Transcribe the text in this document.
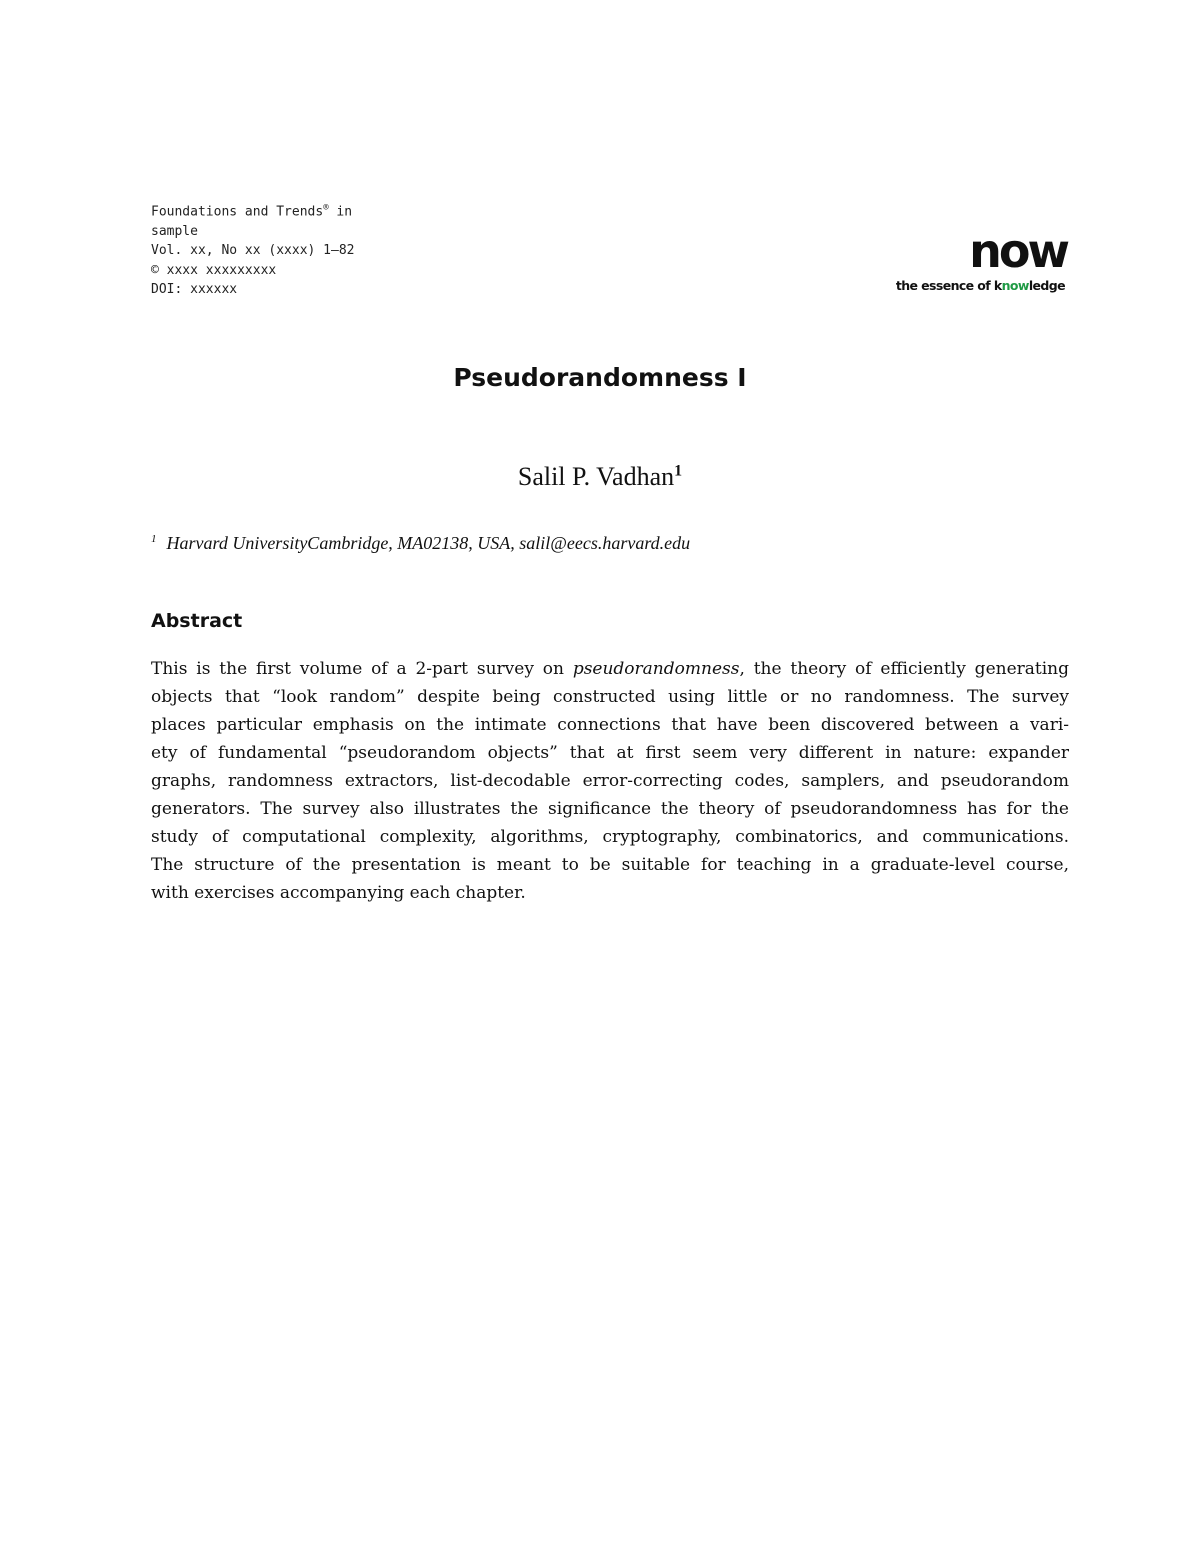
Foundations and Trends® in
sample
Vol. xx, No xx (xxxx) 1–82
© xxxx xxxxxxxxx
DOI: xxxxxx
now
the essence of knowledge
Pseudorandomness I
Salil P. Vadhan$^1$
$^1$ Harvard UniversityCambridge, MA02138, USA, salil@eecs.harvard.edu
Abstract
This is the first volume of a 2-part survey on pseudorandomness, the theory of efficiently generating
objects that “look random” despite being constructed using little or no randomness. The survey
places particular emphasis on the intimate connections that have been discovered between a vari-
ety of fundamental “pseudorandom objects” that at first seem very different in nature: expander
graphs, randomness extractors, list-decodable error-correcting codes, samplers, and pseudorandom
generators. The survey also illustrates the significance the theory of pseudorandomness has for the
study of computational complexity, algorithms, cryptography, combinatorics, and communications.
The structure of the presentation is meant to be suitable for teaching in a graduate-level course,
with exercises accompanying each chapter.
